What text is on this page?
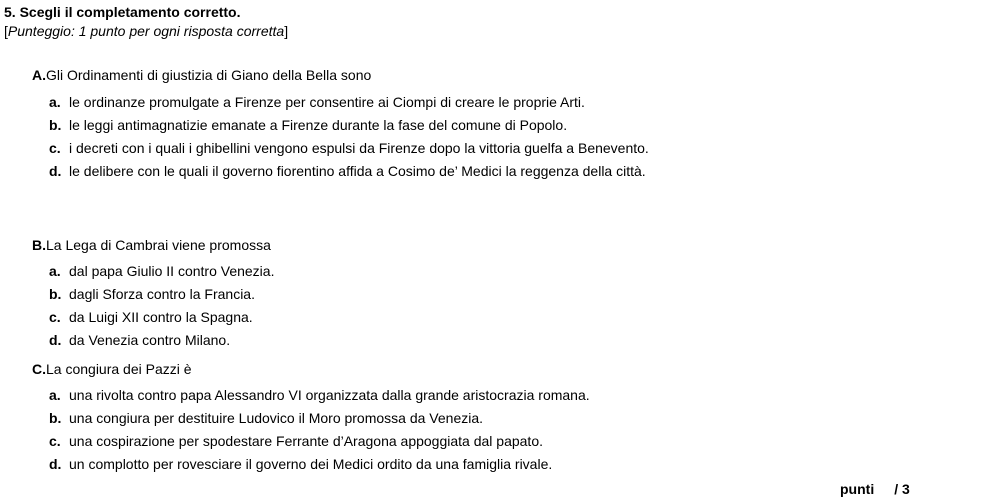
5. Scegli il completamento corretto.
[Punteggio: 1 punto per ogni risposta corretta]
A.Gli Ordinamenti di giustizia di Giano della Bella sono
a. le ordinanze promulgate a Firenze per consentire ai Ciompi di creare le proprie Arti.
b. le leggi antimagnatizie emanate a Firenze durante la fase del comune di Popolo.
c. i decreti con i quali i ghibellini vengono espulsi da Firenze dopo la vittoria guelfa a Benevento.
d. le delibere con le quali il governo fiorentino affida a Cosimo de’ Medici la reggenza della città.
B.La Lega di Cambrai viene promossa
a. dal papa Giulio II contro Venezia.
b. dagli Sforza contro la Francia.
c. da Luigi XII contro la Spagna.
d. da Venezia contro Milano.
C.La congiura dei Pazzi è
a. una rivolta contro papa Alessandro VI organizzata dalla grande aristocrazia romana.
b. una congiura per destituire Ludovico il Moro promossa da Venezia.
c. una cospirazione per spodestare Ferrante d’Aragona appoggiata dal papato.
d. un complotto per rovesciare il governo dei Medici ordito da una famiglia rivale.
punti / 3
